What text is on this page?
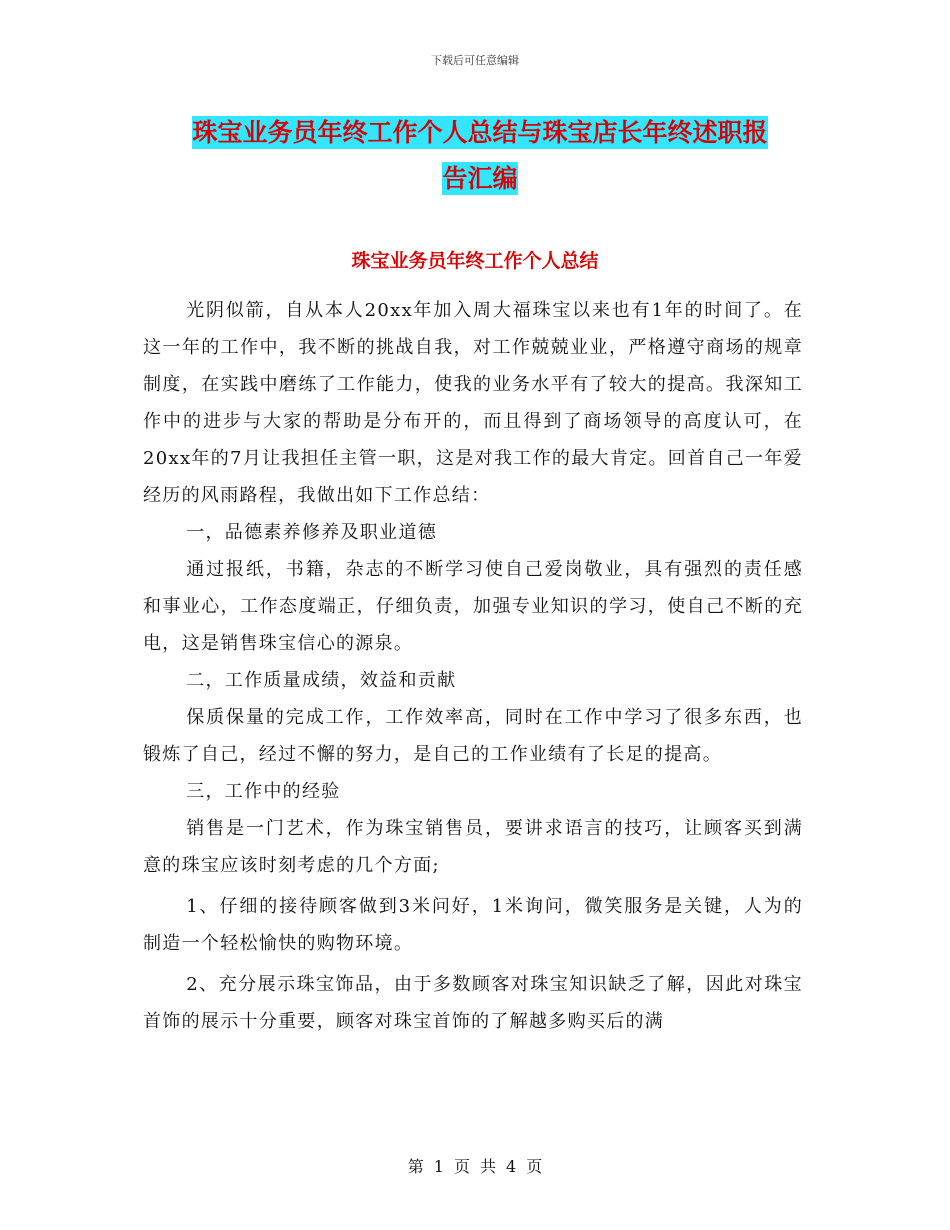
下载后可任意编辑
珠宝业务员年终工作个人总结与珠宝店长年终述职报
告汇编
珠宝业务员年终工作个人总结

光阴似箭，自从本人20xx年加入周大福珠宝以来也有1年的时间了。在这一年的工作中，我不断的挑战自我，对工作兢兢业业，严格遵守商场的规章制度，在实践中磨练了工作能力，使我的业务水平有了较大的提高。我深知工作中的进步与大家的帮助是分布开的，而且得到了商场领导的高度认可，在20xx年的7月让我担任主管一职，这是对我工作的最大肯定。回首自己一年爱经历的风雨路程，我做出如下工作总结：

一，品德素养修养及职业道德

通过报纸，书籍，杂志的不断学习使自己爱岗敬业，具有强烈的责任感和事业心，工作态度端正，仔细负责，加强专业知识的学习，使自己不断的充电，这是销售珠宝信心的源泉。

二，工作质量成绩，效益和贡献

保质保量的完成工作，工作效率高，同时在工作中学习了很多东西，也锻炼了自己，经过不懈的努力，是自己的工作业绩有了长足的提高。

三，工作中的经验

销售是一门艺术，作为珠宝销售员，要讲求语言的技巧，让顾客买到满意的珠宝应该时刻考虑的几个方面;

1、仔细的接待顾客做到3米问好，1米询问，微笑服务是关键，人为的制造一个轻松愉快的购物环境。

2、充分展示珠宝饰品，由于多数顾客对珠宝知识缺乏了解，因此对珠宝首饰的展示十分重要，顾客对珠宝首饰的了解越多购买后的满

第 1 页 共 4 页
